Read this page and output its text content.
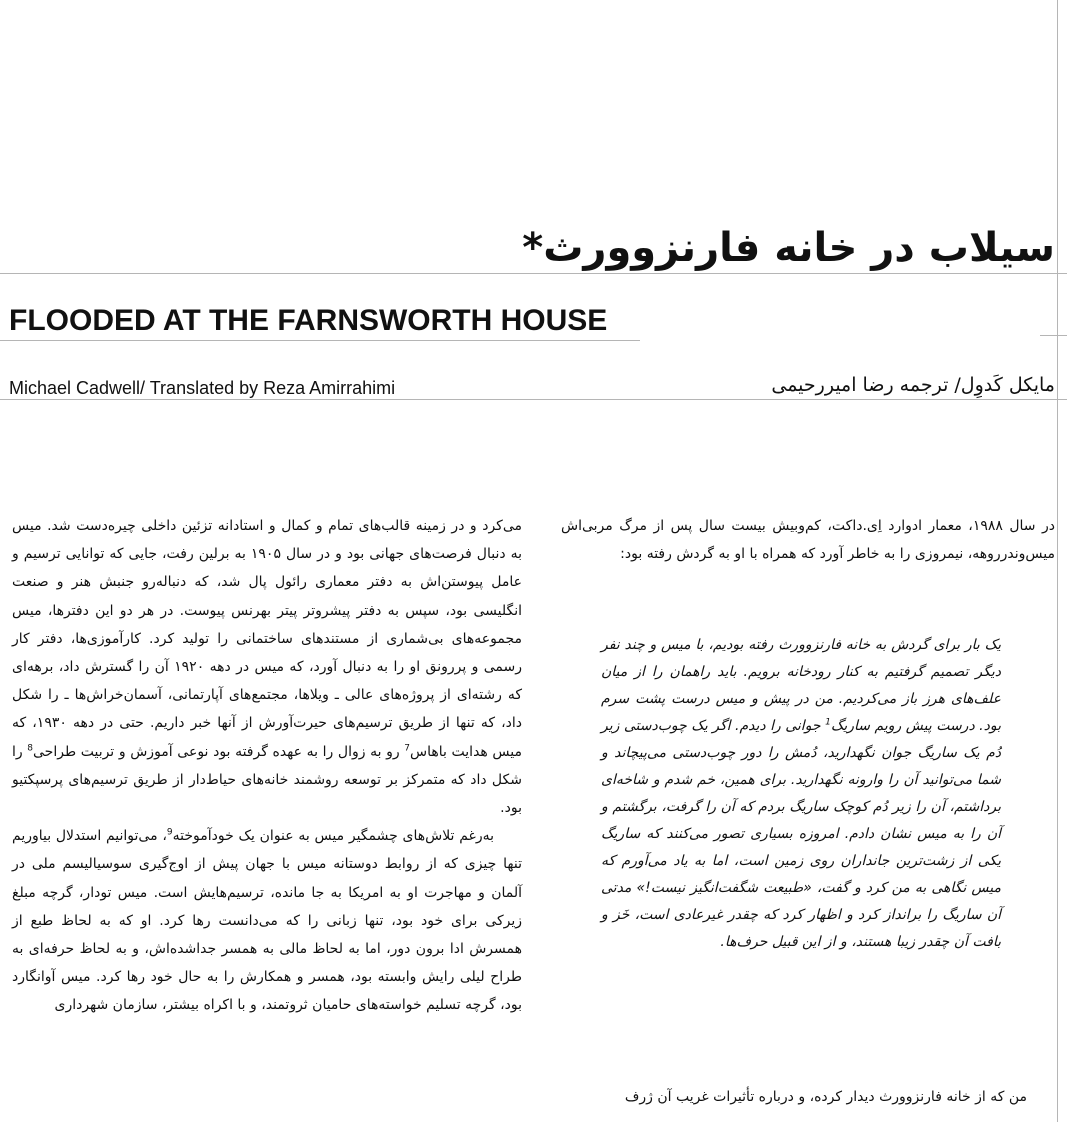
سیلاب در خانه فارنزوورث*
FLOODED AT THE FARNSWORTH HOUSE
Michael Cadwell/ Translated by Reza Amirrahimi	مایکل کَدوِل/ ترجمه رضا امیررحیمی

در سال ۱۹۸۸، معمار ادوارد اِی.داکت، کم‌وبیش بیست سال پس از مرگ مربی‌اش میس‌وندرروهه، نیمروزی را به خاطر آورد که همراه با او به گردش رفته بود:

یک بار برای گردش به خانه فارنزوورث رفته بودیم، با میس و چند نفر دیگر تصمیم گرفتیم به کنار رودخانه برویم. باید راهمان را از میان علف‌های هرز باز می‌کردیم. من در پیش و میس درست پشت سرم بود. درست پیش رویم ساریگ$^1$ جوانی را دیدم. اگر یک چوب‌دستی زیر دُم یک ساریگ جوان نگهدارید، دُمش را دور چوب‌دستی می‌پیچاند و شما می‌توانید آن را وارونه نگهدارید. برای همین، خم شدم و شاخه‌ای برداشتم، آن را زیر دُم کوچک ساریگ بردم که آن را گرفت، برگشتم و آن را به میس نشان دادم. امروزه بسیاری تصور می‌کنند که ساریگ یکی از زشت‌ترین جانداران روی زمین است، اما به یاد می‌آورم که میس نگاهی به من کرد و گفت، «طبیعت شگفت‌انگیز نیست!» مدتی آن ساریگ را برانداز کرد و اظهار کرد که چقدر غیرعادی است، خَز و بافت آن چقدر زیبا هستند، و از این قبیل حرف‌ها.

من که از خانه فارنزوورث دیدار کرده، و درباره تأثیرات غریب آن ژرف

می‌کرد و در زمینه قالب‌های تمام و کمال و استادانه تزئین داخلی چیره‌دست شد. میس به دنبال فرصت‌های جهانی بود و در سال ۱۹۰۵ به برلین رفت، جایی که توانایی ترسیم و عامل پیوستن‌اش به دفتر معماری رائول پال شد، که دنباله‌رو جنبش هنر و صنعت انگلیسی بود، سپس به دفتر پیشروتر پیتر بهرنس پیوست. در هر دو این دفترها، میس مجموعه‌های بی‌شماری از مستندهای ساختمانی را تولید کرد. کارآموزی‌ها، دفتر کار رسمی و پررونق او را به دنبال آورد، که میس در دهه ۱۹۲۰ آن را گسترش داد، برهه‌ای که رشته‌ای از پروژه‌های عالی ـ ویلاها، مجتمع‌های آپارتمانی، آسمان‌خراش‌ها ـ را شکل داد، که تنها از طریق ترسیم‌های حیرت‌آورش از آنها خبر داریم. حتی در دهه ۱۹۳۰، که میس هدایت باهاس$^7$ رو به زوال را به عهده گرفته بود نوعی آموزش و تربیت طراحی$^8$ را شکل داد که متمرکز بر توسعه روشمند خانه‌های حیاط‌دار از طریق ترسیم‌های پرسپکتیو بود.

به‌رغم تلاش‌های چشمگیر میس به عنوان یک خودآموخته$^9$، می‌توانیم استدلال بیاوریم تنها چیزی که از روابط دوستانه میس با جهان پیش از اوج‌گیری سوسیالیسم ملی در آلمان و مهاجرت او به امریکا به جا مانده، ترسیم‌هایش است. میس تودار، گرچه مبلغ زیرکی برای خود بود، تنها زبانی را که می‌دانست رها کرد. او که به لحاظ طبع از همسرش ادا برون دور، اما به لحاظ مالی به همسر جداشده‌اش، و به لحاظ حرفه‌ای به طراح لیلی رایش وابسته بود، همسر و همکارش را به حال خود رها کرد. میس آوانگارد بود، گرچه تسلیم خواسته‌های حامیان ثروتمند، و با اکراه بیشتر، سازمان شهرداری
